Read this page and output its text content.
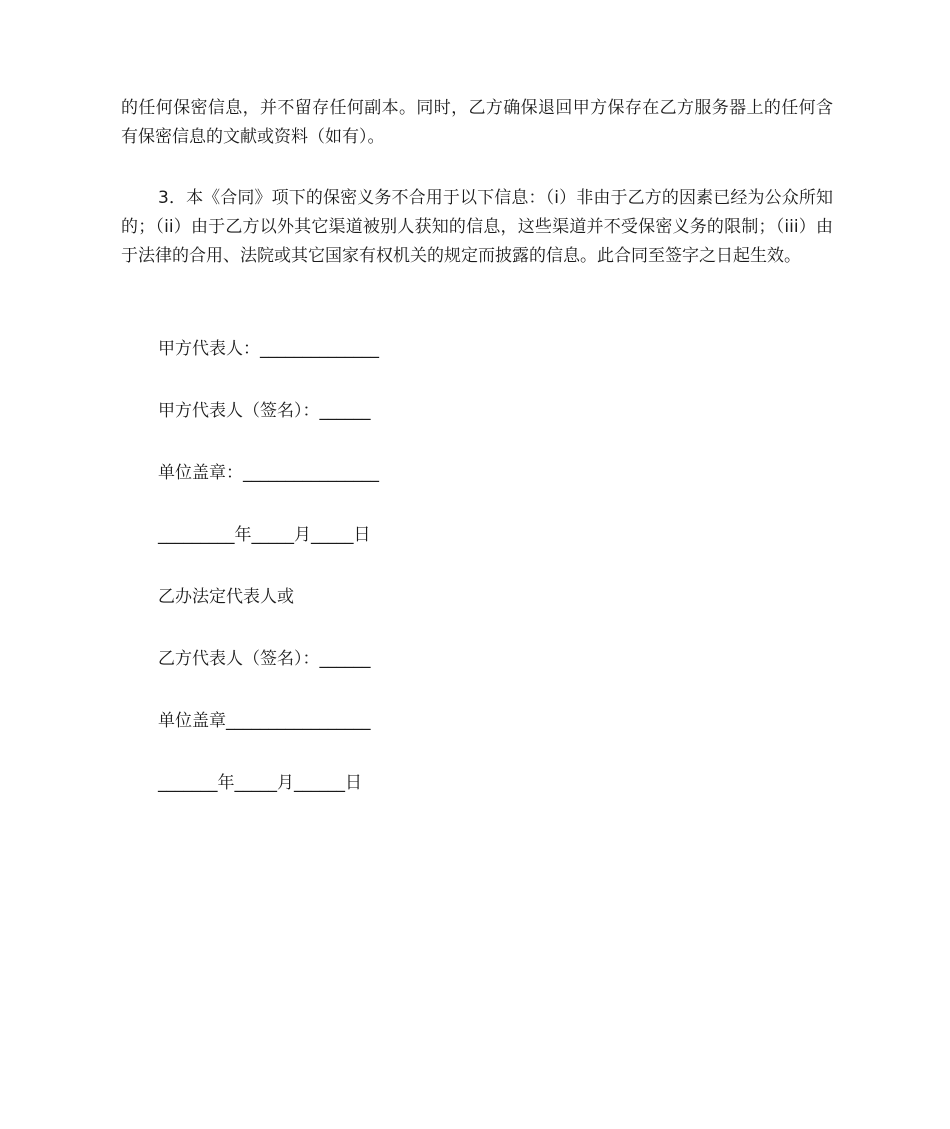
的任何保密信息，并不留存任何副本。同时，乙方确保退回甲方保存在乙方服务器上的任何含有保密信息的文献或资料（如有）。

3．本《合同》项下的保密义务不合用于以下信息：（i）非由于乙方的因素已经为公众所知的；（ii）由于乙方以外其它渠道被别人获知的信息，这些渠道并不受保密义务的限制；（iii）由于法律的合用、法院或其它国家有权机关的规定而披露的信息。此合同至签字之日起生效。

甲方代表人：______________

甲方代表人（签名）：______

单位盖章：________________

_________年_____月_____日

乙办法定代表人或

乙方代表人（签名）：______

单位盖章_________________

_______年_____月______日
